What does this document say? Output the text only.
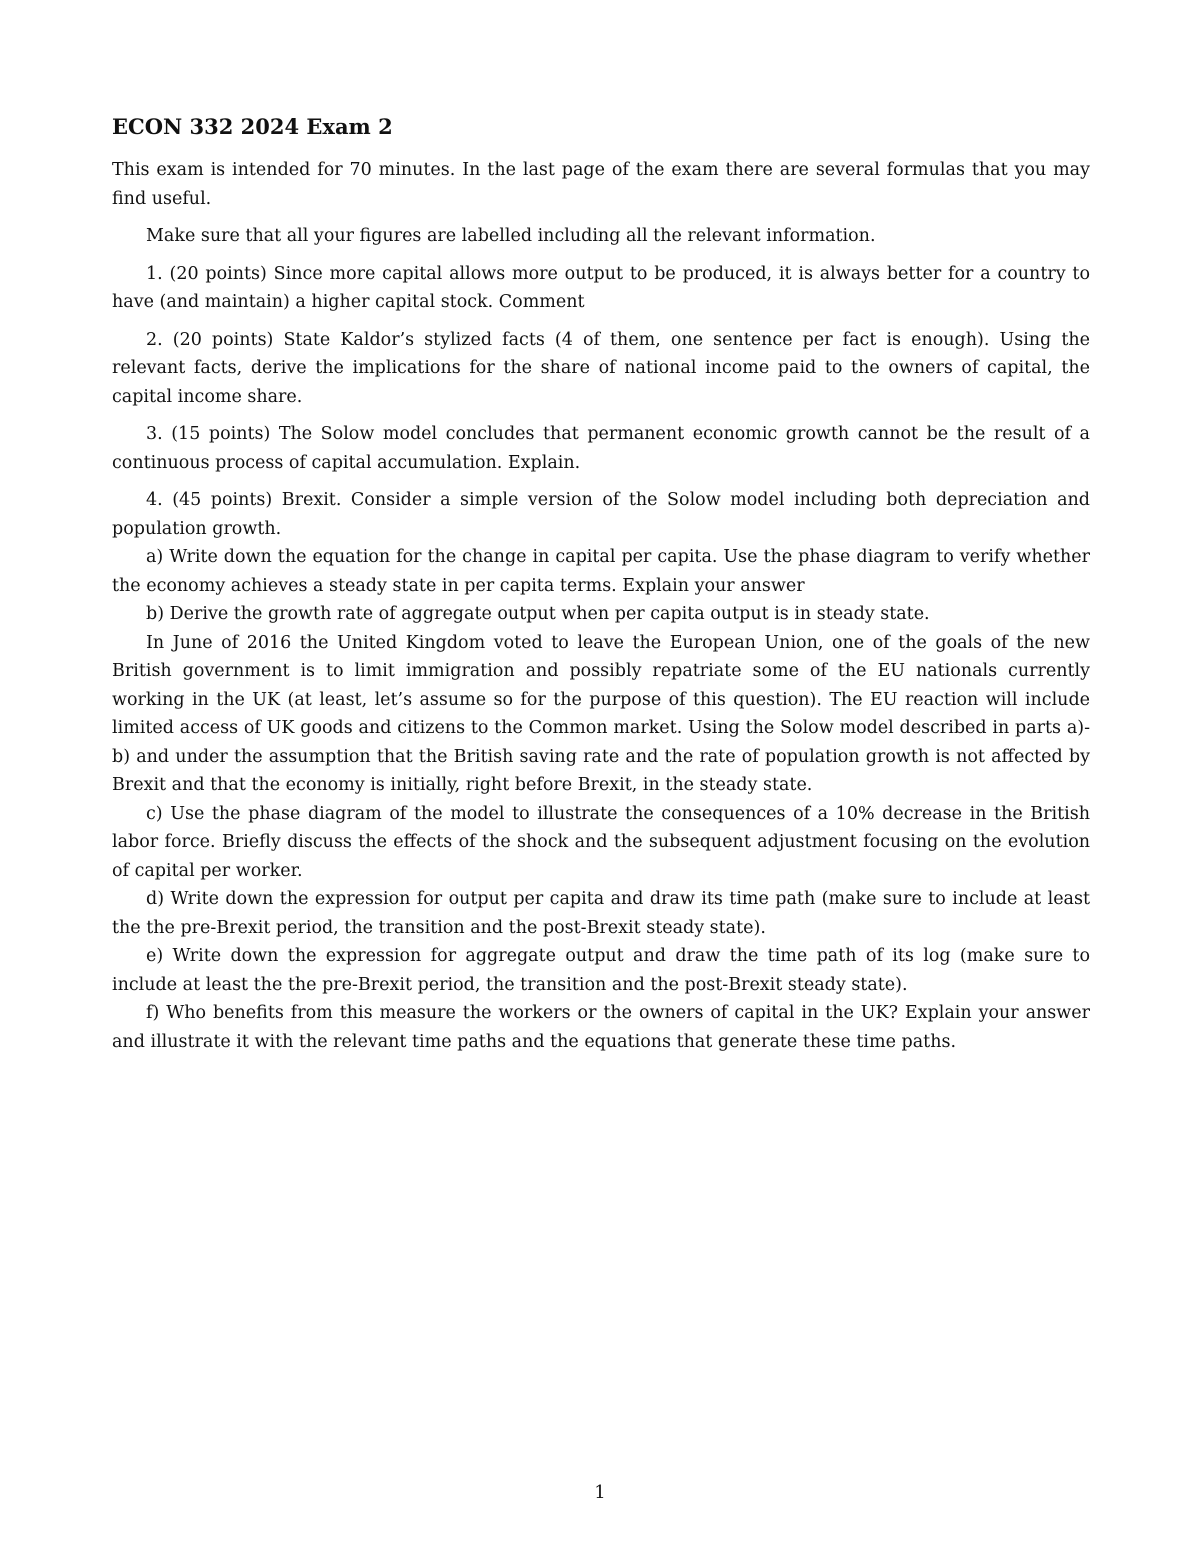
ECON 332 2024 Exam 2

This exam is intended for 70 minutes. In the last page of the exam there are several formulas that you may find useful.

Make sure that all your figures are labelled including all the relevant information.

1. (20 points) Since more capital allows more output to be produced, it is always better for a country to have (and maintain) a higher capital stock. Comment

2. (20 points) State Kaldor’s stylized facts (4 of them, one sentence per fact is enough). Using the relevant facts, derive the implications for the share of national income paid to the owners of capital, the capital income share.

3. (15 points) The Solow model concludes that permanent economic growth cannot be the result of a continuous process of capital accumulation. Explain.

4. (45 points) Brexit. Consider a simple version of the Solow model including both depreciation and population growth.

a) Write down the equation for the change in capital per capita. Use the phase diagram to verify whether the economy achieves a steady state in per capita terms. Explain your answer

b) Derive the growth rate of aggregate output when per capita output is in steady state.

In June of 2016 the United Kingdom voted to leave the European Union, one of the goals of the new British government is to limit immigration and possibly repatriate some of the EU nationals currently working in the UK (at least, let’s assume so for the purpose of this question). The EU reaction will include limited access of UK goods and citizens to the Common market. Using the Solow model described in parts a)-b) and under the assumption that the British saving rate and the rate of population growth is not affected by Brexit and that the economy is initially, right before Brexit, in the steady state.

c) Use the phase diagram of the model to illustrate the consequences of a 10% decrease in the British labor force. Briefly discuss the effects of the shock and the subsequent adjustment focusing on the evolution of capital per worker.

d) Write down the expression for output per capita and draw its time path (make sure to include at least the the pre-Brexit period, the transition and the post-Brexit steady state).

e) Write down the expression for aggregate output and draw the time path of its log (make sure to include at least the the pre-Brexit period, the transition and the post-Brexit steady state).

f) Who benefits from this measure the workers or the owners of capital in the UK? Explain your answer and illustrate it with the relevant time paths and the equations that generate these time paths.

1
